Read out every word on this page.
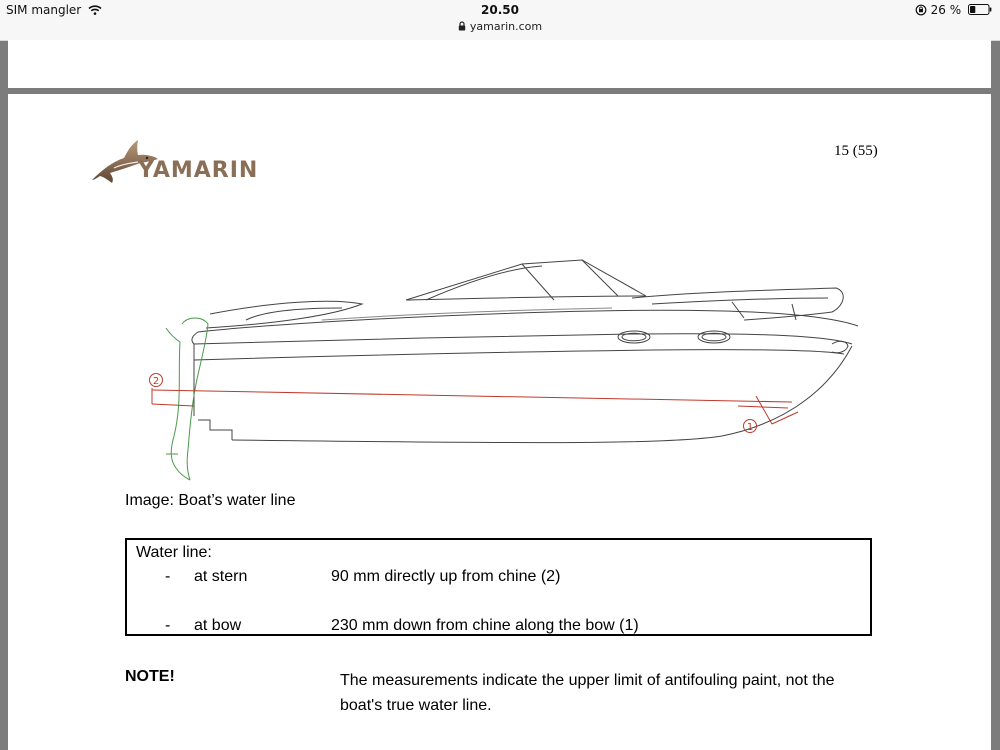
SIM mangler	20.50
yamarin.com
26 %
YAMARIN
15 (55)
2
1
Image: Boat’s water line
Water line:
- at stern	90 mm directly up from chine (2)
- at bow	230 mm down from chine along the bow (1)
NOTE!	The measurements indicate the upper limit of antifouling paint, not the boat's true water line.
